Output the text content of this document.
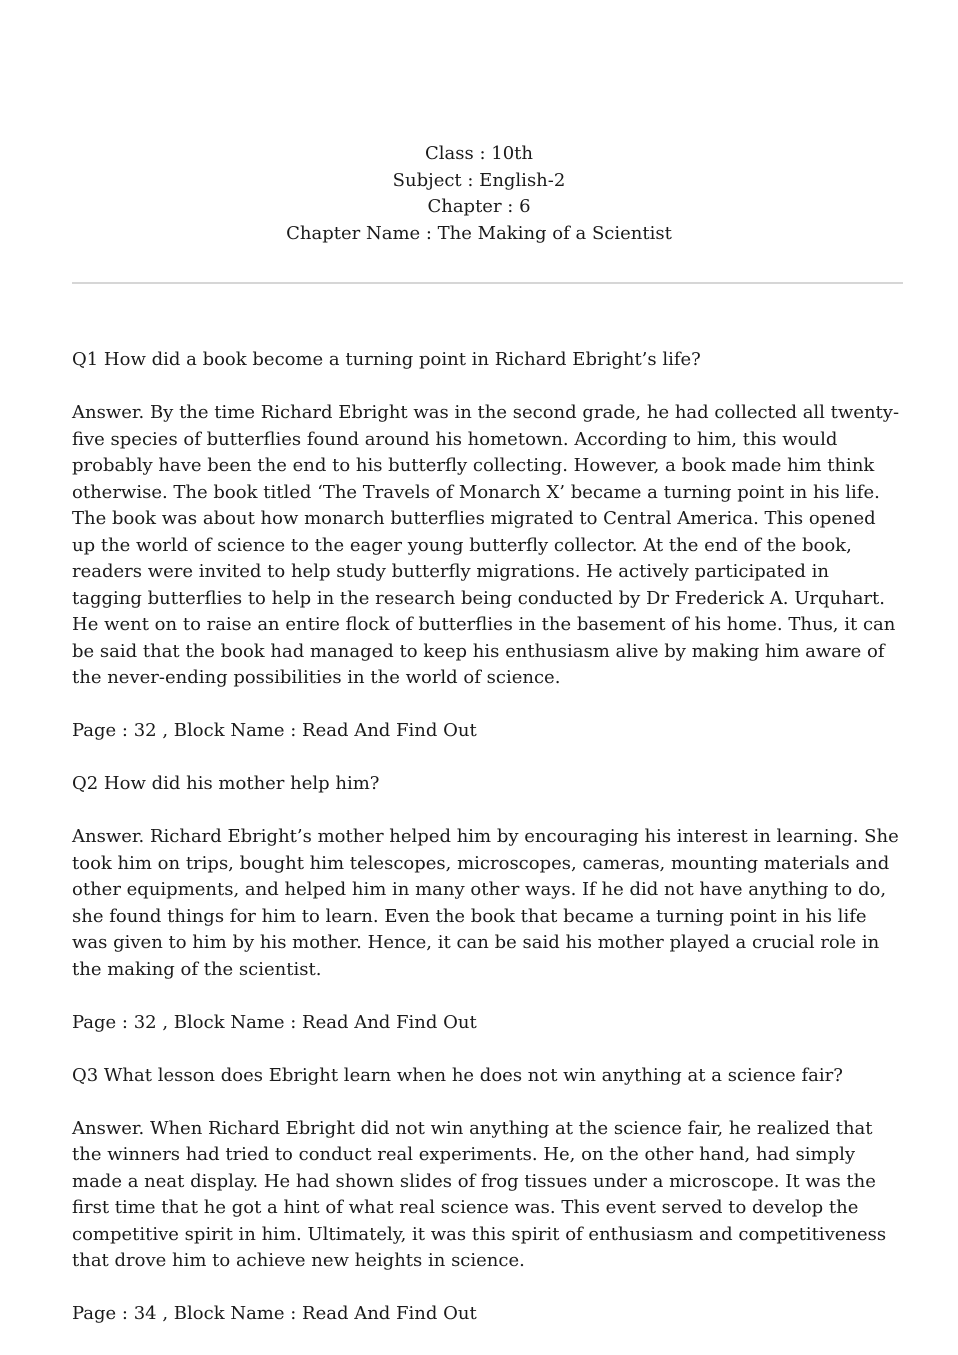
Class : 10th
Subject : English-2
Chapter : 6
Chapter Name : The Making of a Scientist

Q1 How did a book become a turning point in Richard Ebright’s life?

Answer. By the time Richard Ebright was in the second grade, he had collected all twenty-five species of butterflies found around his hometown. According to him, this would probably have been the end to his butterfly collecting. However, a book made him think otherwise. The book titled ‘The Travels of Monarch X’ became a turning point in his life. The book was about how monarch butterflies migrated to Central America. This opened up the world of science to the eager young butterfly collector. At the end of the book, readers were invited to help study butterfly migrations. He actively participated in tagging butterflies to help in the research being conducted by Dr Frederick A. Urquhart. He went on to raise an entire flock of butterflies in the basement of his home. Thus, it can be said that the book had managed to keep his enthusiasm alive by making him aware of the never-ending possibilities in the world of science.

Page : 32 , Block Name : Read And Find Out

Q2 How did his mother help him?

Answer. Richard Ebright’s mother helped him by encouraging his interest in learning. She took him on trips, bought him telescopes, microscopes, cameras, mounting materials and other equipments, and helped him in many other ways. If he did not have anything to do, she found things for him to learn. Even the book that became a turning point in his life was given to him by his mother. Hence, it can be said his mother played a crucial role in the making of the scientist.

Page : 32 , Block Name : Read And Find Out

Q3 What lesson does Ebright learn when he does not win anything at a science fair?

Answer. When Richard Ebright did not win anything at the science fair, he realized that the winners had tried to conduct real experiments. He, on the other hand, had simply made a neat display. He had shown slides of frog tissues under a microscope. It was the first time that he got a hint of what real science was. This event served to develop the competitive spirit in him. Ultimately, it was this spirit of enthusiasm and competitiveness that drove him to achieve new heights in science.

Page : 34 , Block Name : Read And Find Out
